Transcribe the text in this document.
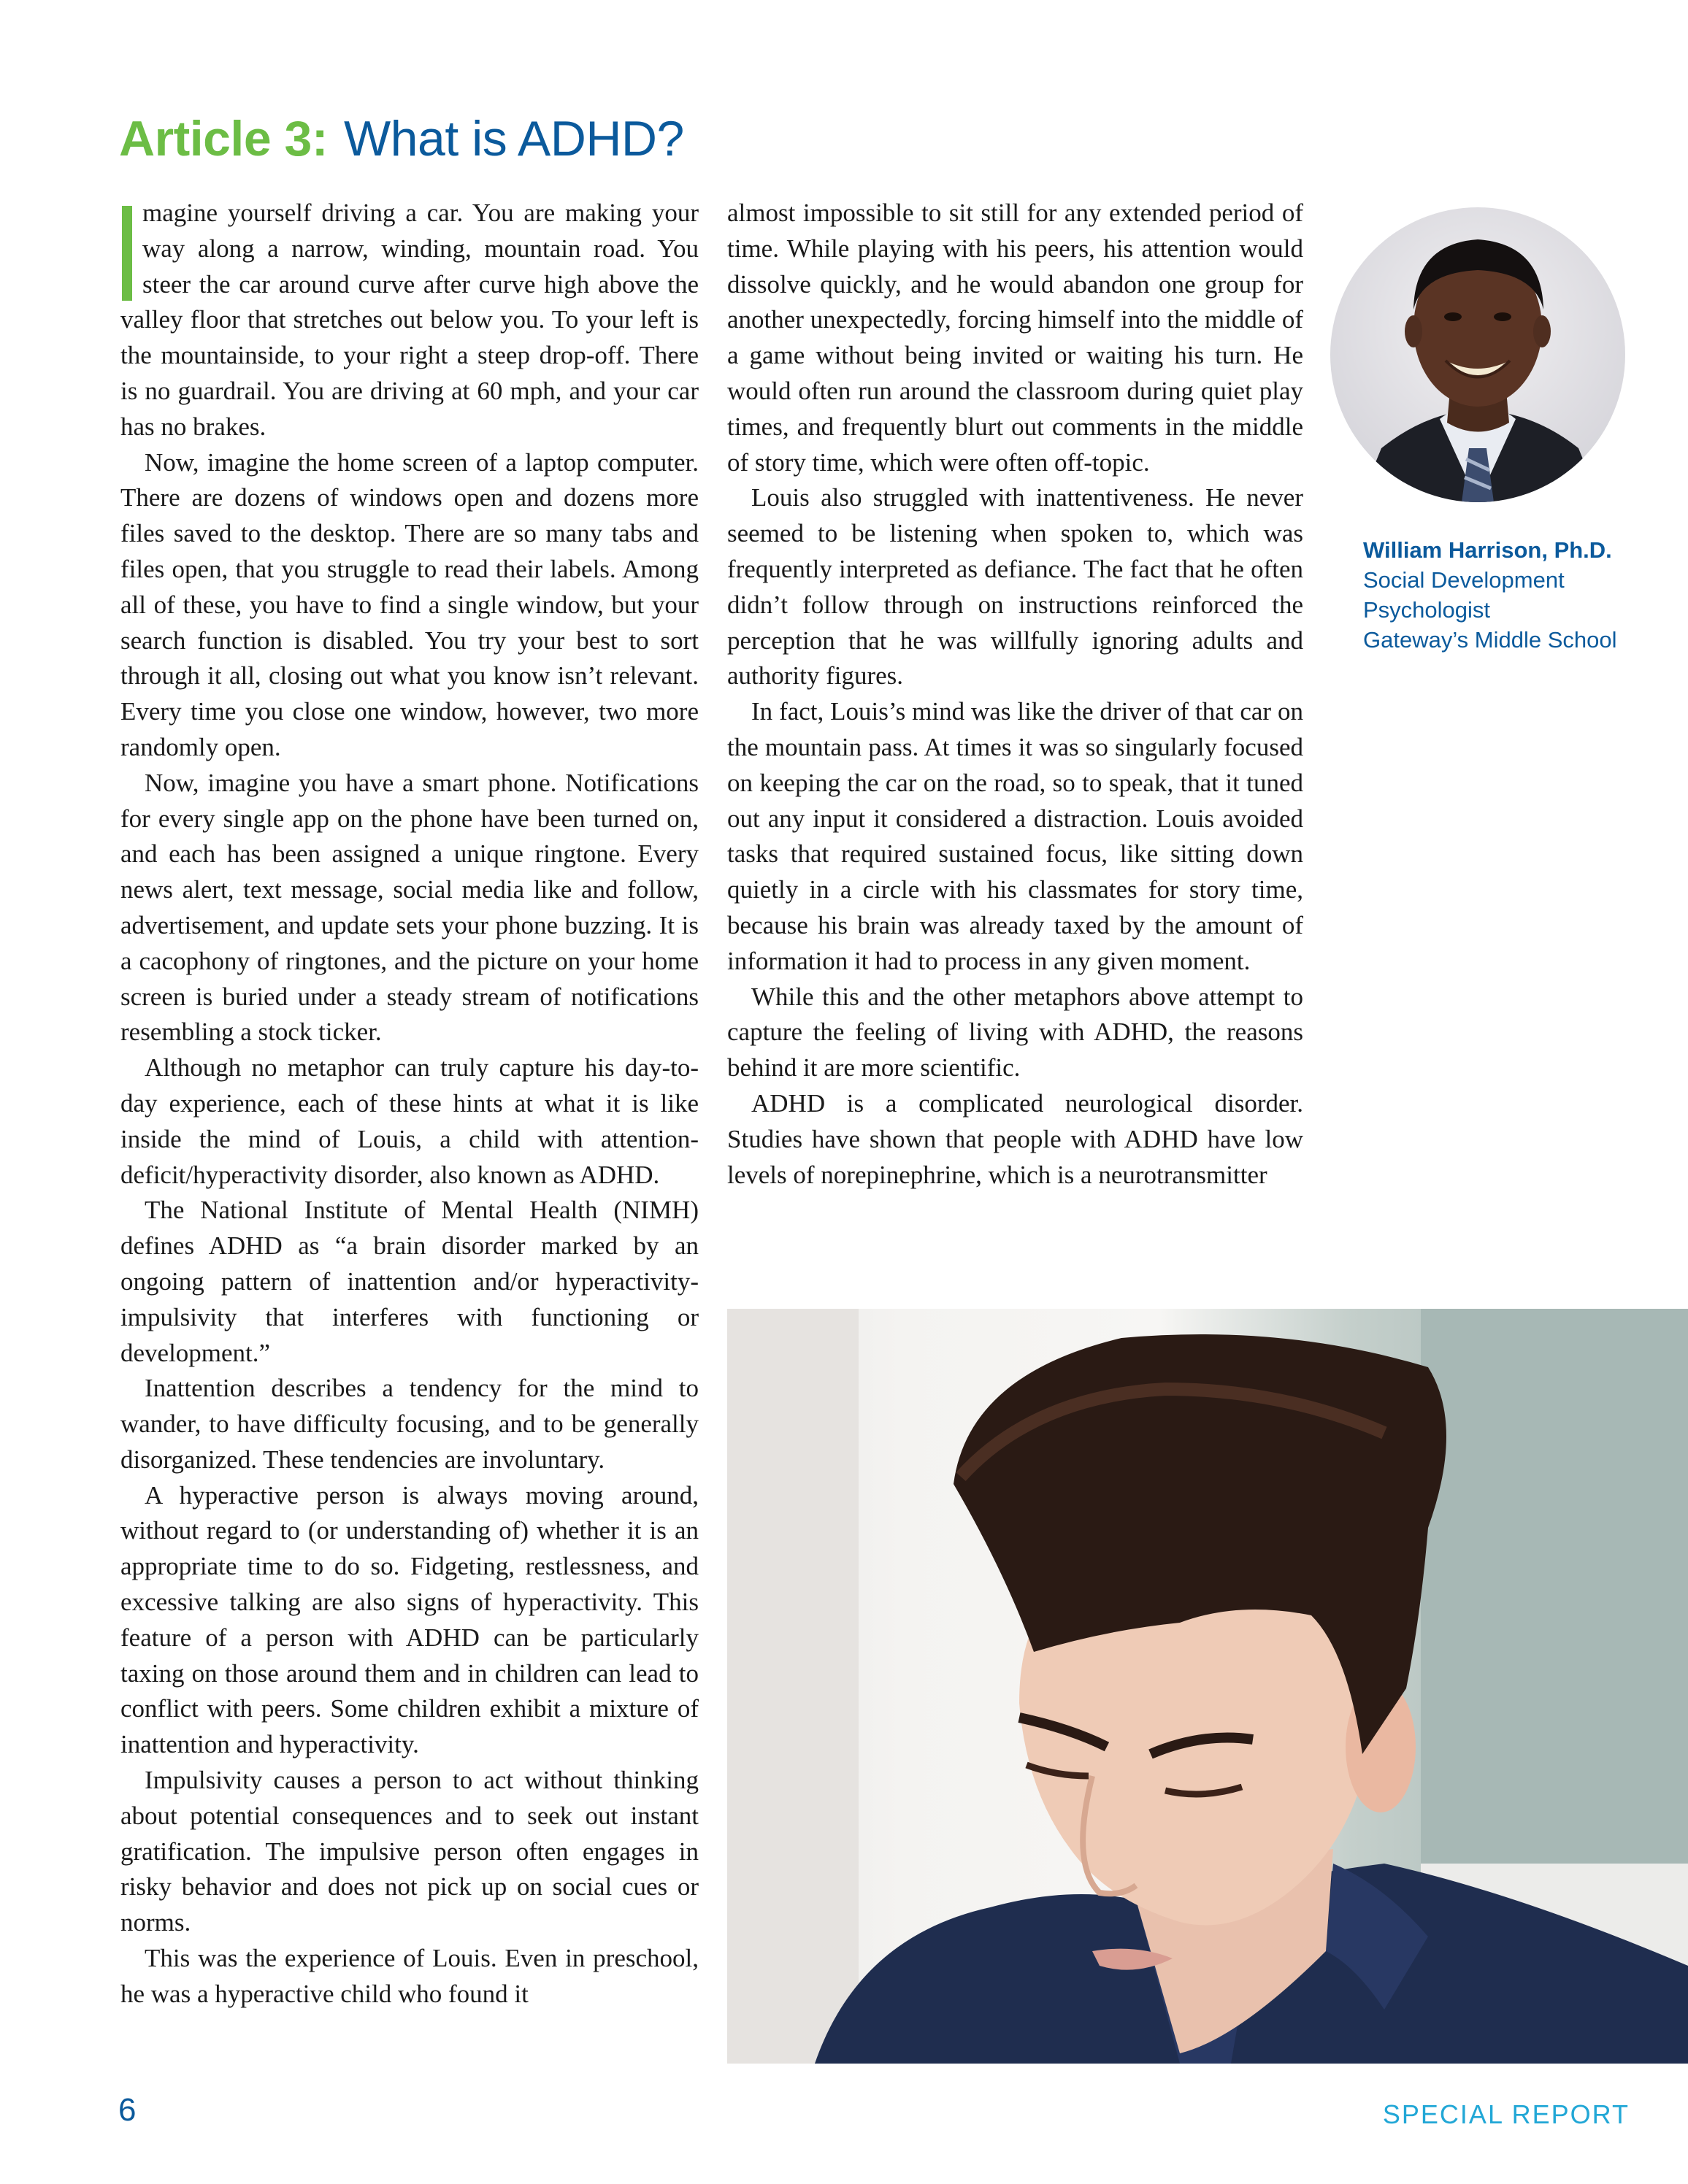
Article 3: What is ADHD?

magine yourself driving a car. You are making your way along a narrow, winding, mountain road. You steer the car around curve after curve high above the valley floor that stretches out below you. To your left is the mountainside, to your right a steep drop-off. There is no guardrail. You are driving at 60 mph, and your car has no brakes.

Now, imagine the home screen of a laptop computer. There are dozens of windows open and dozens more files saved to the desktop. There are so many tabs and files open, that you struggle to read their labels. Among all of these, you have to find a single window, but your search function is disabled. You try your best to sort through it all, closing out what you know isn’t relevant. Every time you close one window, however, two more randomly open.

Now, imagine you have a smart phone. Notifications for every single app on the phone have been turned on, and each has been assigned a unique ringtone. Every news alert, text message, social media like and follow, advertisement, and update sets your phone buzzing. It is a cacophony of ringtones, and the picture on your home screen is buried under a steady stream of notifications resembling a stock ticker.

Although no metaphor can truly capture his day-to-day experience, each of these hints at what it is like inside the mind of Louis, a child with attention-deficit/hyperactivity disorder, also known as ADHD.

The National Institute of Mental Health (NIMH) defines ADHD as “a brain disorder marked by an ongoing pattern of inattention and/or hyperactivity-impulsivity that interferes with functioning or development.”

Inattention describes a tendency for the mind to wander, to have difficulty focusing, and to be generally disorganized. These tendencies are involuntary.

A hyperactive person is always moving around, without regard to (or understanding of) whether it is an appropriate time to do so. Fidgeting, restlessness, and excessive talking are also signs of hyperactivity. This feature of a person with ADHD can be particularly taxing on those around them and in children can lead to conflict with peers. Some children exhibit a mixture of inattention and hyperactivity.

Impulsivity causes a person to act without thinking about potential consequences and to seek out instant gratification. The impulsive person often engages in risky behavior and does not pick up on social cues or norms.

This was the experience of Louis. Even in preschool, he was a hyperactive child who found it

almost impossible to sit still for any extended period of time. While playing with his peers, his attention would dissolve quickly, and he would abandon one group for another unexpectedly, forcing himself into the middle of a game without being invited or waiting his turn. He would often run around the classroom during quiet play times, and frequently blurt out comments in the middle of story time, which were often off-topic.

Louis also struggled with inattentiveness. He never seemed to be listening when spoken to, which was frequently interpreted as defiance. The fact that he often didn’t follow through on instructions reinforced the perception that he was willfully ignoring adults and authority figures.

In fact, Louis’s mind was like the driver of that car on the mountain pass. At times it was so singularly focused on keeping the car on the road, so to speak, that it tuned out any input it considered a distraction. Louis avoided tasks that required sustained focus, like sitting down quietly in a circle with his classmates for story time, because his brain was already taxed by the amount of information it had to process in any given moment.

While this and the other metaphors above attempt to capture the feeling of living with ADHD, the reasons behind it are more scientific.

ADHD is a complicated neurological disorder. Studies have shown that people with ADHD have low levels of norepinephrine, which is a neurotransmitter

William Harrison, Ph.D.
Social Development
Psychologist
Gateway’s Middle School
6	SPECIAL REPORT
